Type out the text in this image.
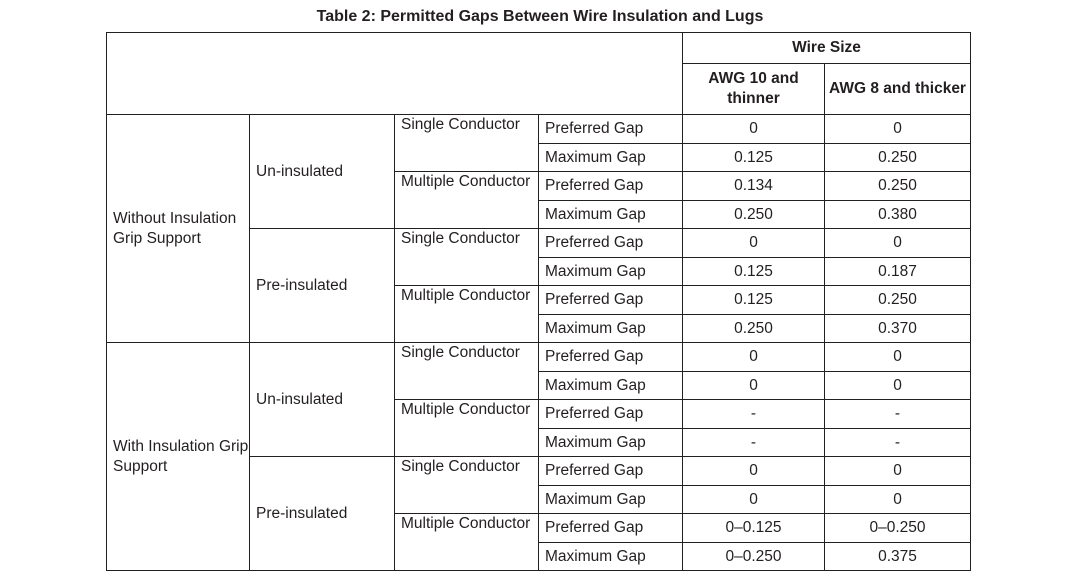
Table 2: Permitted Gaps Between Wire Insulation and Lugs
				Wire Size	
				AWG 10 and thinner	AWG 8 and thicker
Without Insulation Grip Support	Un-insulated	Single Conductor	Preferred Gap	0	0
			Maximum Gap	0.125	0.250
		Multiple Conductor	Preferred Gap	0.134	0.250
			Maximum Gap	0.250	0.380
	Pre-insulated	Single Conductor	Preferred Gap	0	0
			Maximum Gap	0.125	0.187
		Multiple Conductor	Preferred Gap	0.125	0.250
			Maximum Gap	0.250	0.370
With Insulation Grip Support	Un-insulated	Single Conductor	Preferred Gap	0	0
			Maximum Gap	0	0
		Multiple Conductor	Preferred Gap	-	-
			Maximum Gap	-	-
	Pre-insulated	Single Conductor	Preferred Gap	0	0
			Maximum Gap	0	0
		Multiple Conductor	Preferred Gap	0–0.125	0–0.250
			Maximum Gap	0–0.250	0.375
